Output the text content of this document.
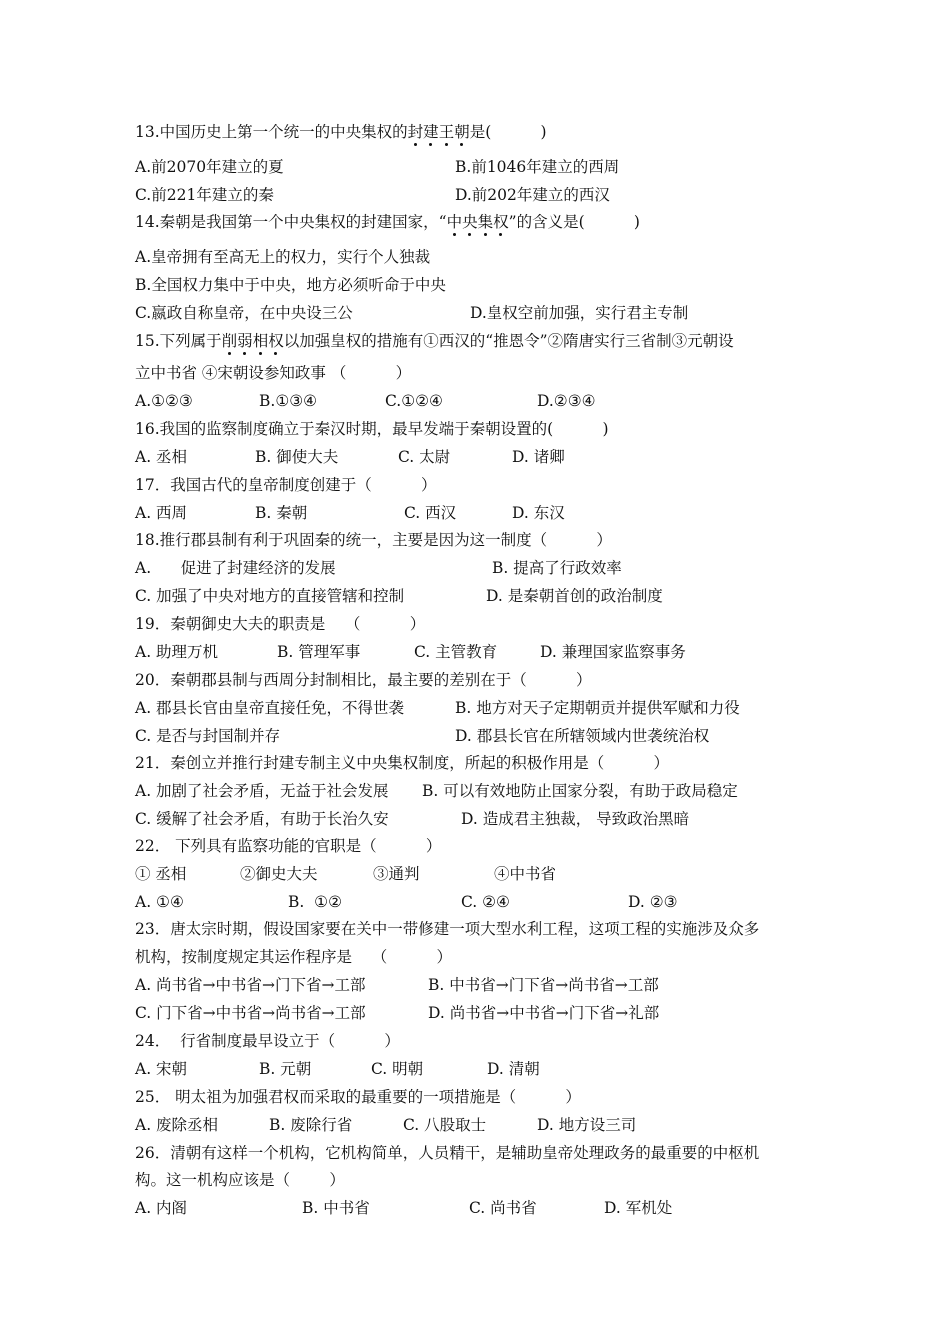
13.中国历史上第一个统一的中央集权的封建王朝是(          )
A.前2070年建立的夏	B.前1046年建立的西周
C.前221年建立的秦	D.前202年建立的西汉
14.秦朝是我国第一个中央集权的封建国家，“中央集权”的含义是(          )
A.皇帝拥有至高无上的权力，实行个人独裁
B.全国权力集中于中央，地方必须听命于中央
C.嬴政自称皇帝，在中央设三公	D.皇权空前加强，实行君主专制
15.下列属于削弱相权以加强皇权的措施有①西汉的“推恩令”②隋唐实行三省制③元朝设
立中书省 ④宋朝设参知政事 （          ）
A.①②③	B.①③④	C.①②④	D.②③④
16.我国的监察制度确立于秦汉时期，最早发端于秦朝设置的(          )
A. 丞相	B. 御使大夫	C. 太尉	D. 诸卿
17．我国古代的皇帝制度创建于（          ）
A. 西周	B. 秦朝	C. 西汉	D. 东汉
18.推行郡县制有利于巩固秦的统一，主要是因为这一制度（          ）
A.      促进了封建经济的发展	B. 提高了行政效率
C. 加强了中央对地方的直接管辖和控制	D. 是秦朝首创的政治制度
19．秦朝御史大夫的职责是    （          ）
A. 助理万机	B. 管理军事	C. 主管教育	D. 兼理国家监察事务
20．秦朝郡县制与西周分封制相比，最主要的差别在于（          ）
A. 郡县长官由皇帝直接任免，不得世袭	B. 地方对天子定期朝贡并提供军赋和力役
C. 是否与封国制并存	D. 郡县长官在所辖领域内世袭统治权
21．秦创立并推行封建专制主义中央集权制度，所起的积极作用是（          ）
A. 加剧了社会矛盾，无益于社会发展 B. 可以有效地防止国家分裂，有助于政局稳定
C. 缓解了社会矛盾，有助于长治久安	D. 造成君主独裁， 导致政治黑暗
22． 下列具有监察功能的官职是（          ）
① 丞相	②御史大夫	③通判	④中书省
A. ①④	B.  ①②	C. ②④	D. ②③
23．唐太宗时期，假设国家要在关中一带修建一项大型水利工程，这项工程的实施涉及众多
机构，按制度规定其运作程序是    （          ）
A. 尚书省→中书省→门下省→工部	B. 中书省→门下省→尚书省→工部
C. 门下省→中书省→尚书省→工部	D. 尚书省→中书省→门下省→礼部
24．  行省制度最早设立于（          ）
A. 宋朝	B. 元朝	C. 明朝	D. 清朝
25． 明太祖为加强君权而采取的最重要的一项措施是（          ）
A. 废除丞相	B. 废除行省	C. 八股取士	D. 地方设三司
26．清朝有这样一个机构，它机构简单，人员精干，是辅助皇帝处理政务的最重要的中枢机
构。这一机构应该是（        ）
A. 内阁	B. 中书省	C. 尚书省	D. 军机处
